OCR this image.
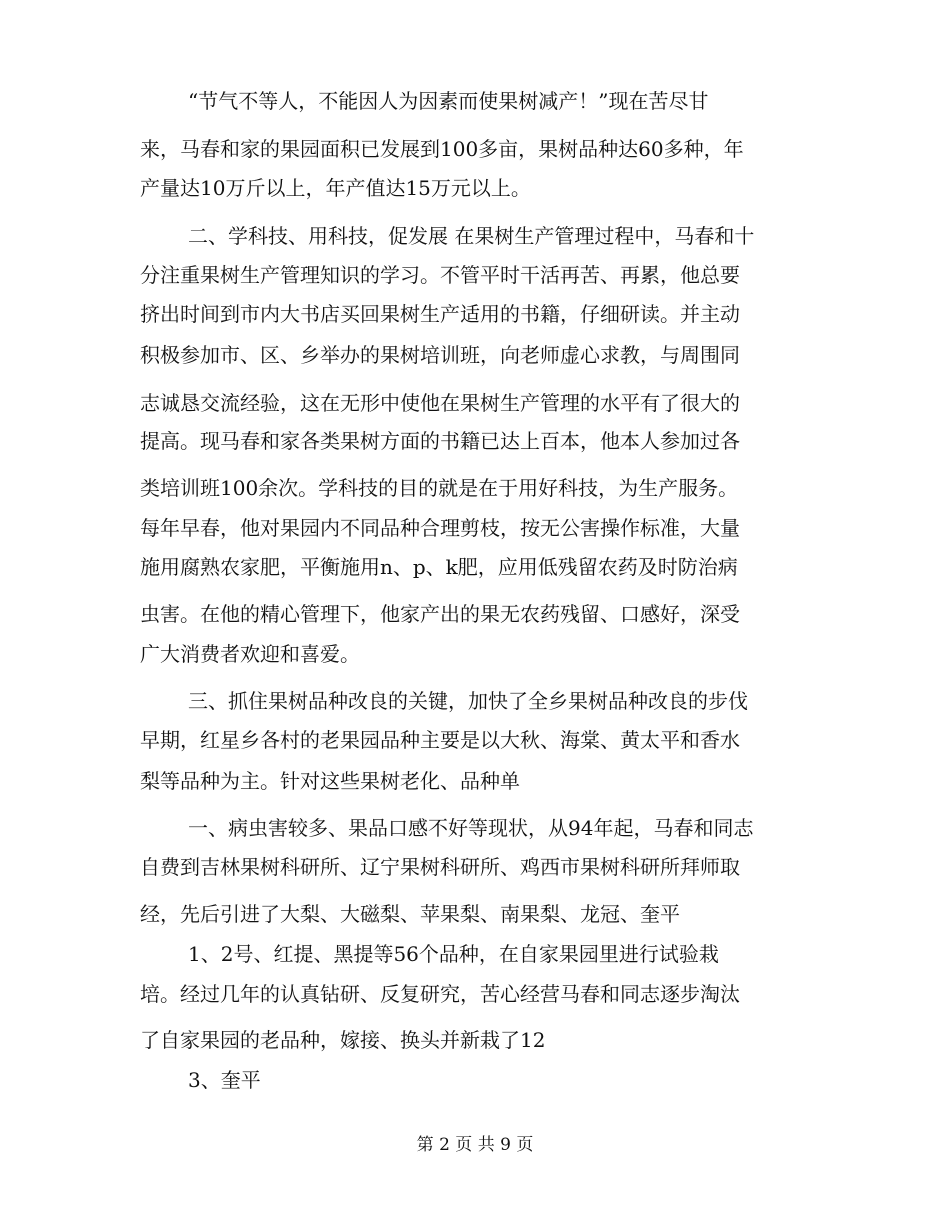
“节气不等人，不能因人为因素而使果树减产！”现在苦尽甘
来，马春和家的果园面积已发展到100多亩，果树品种达60多种，年
产量达10万斤以上，年产值达15万元以上。
二、学科技、用科技，促发展 在果树生产管理过程中，马春和十
分注重果树生产管理知识的学习。不管平时干活再苦、再累，他总要
挤出时间到市内大书店买回果树生产适用的书籍，仔细研读。并主动
积极参加市、区、乡举办的果树培训班，向老师虚心求教，与周围同
志诚恳交流经验，这在无形中使他在果树生产管理的水平有了很大的
提高。现马春和家各类果树方面的书籍已达上百本，他本人参加过各
类培训班100余次。学科技的目的就是在于用好科技，为生产服务。
每年早春，他对果园内不同品种合理剪枝，按无公害操作标准，大量
施用腐熟农家肥，平衡施用n、p、k肥，应用低残留农药及时防治病
虫害。在他的精心管理下，他家产出的果无农药残留、口感好，深受
广大消费者欢迎和喜爱。
三、抓住果树品种改良的关键，加快了全乡果树品种改良的步伐
早期，红星乡各村的老果园品种主要是以大秋、海棠、黄太平和香水
梨等品种为主。针对这些果树老化、品种单
一、病虫害较多、果品口感不好等现状，从94年起，马春和同志
自费到吉林果树科研所、辽宁果树科研所、鸡西市果树科研所拜师取
经，先后引进了大梨、大磁梨、苹果梨、南果梨、龙冠、奎平
1、2号、红提、黑提等56个品种，在自家果园里进行试验栽
培。经过几年的认真钻研、反复研究，苦心经营马春和同志逐步淘汰
了自家果园的老品种，嫁接、换头并新栽了12
3、奎平
第 2 页 共 9 页
